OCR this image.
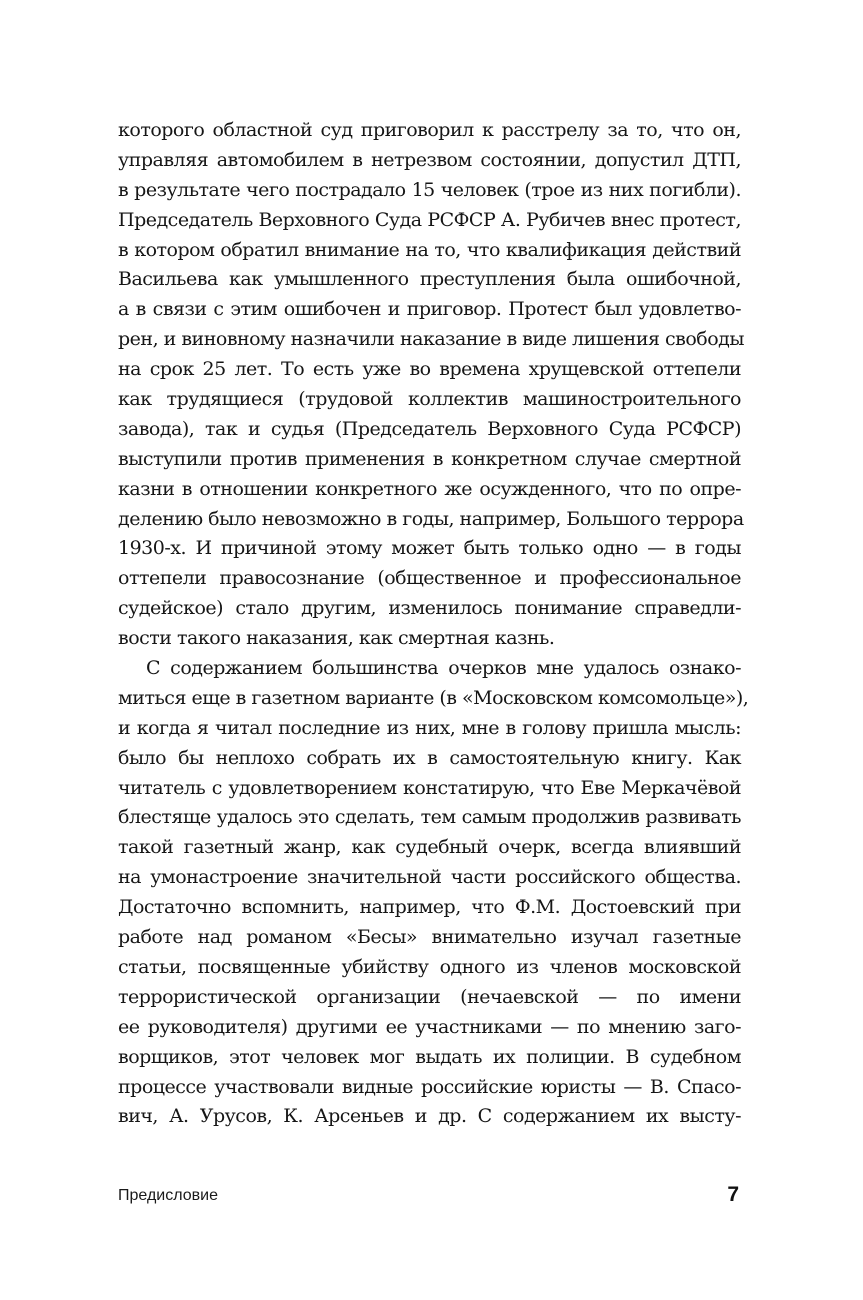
которого областной суд приговорил к расстрелу за то, что он,
управляя автомобилем в нетрезвом состоянии, допустил ДТП,
в результате чего пострадало 15 человек (трое из них погибли).
Председатель Верховного Суда РСФСР А. Рубичев внес протест,
в котором обратил внимание на то, что квалификация действий
Васильева как умышленного преступления была ошибочной,
а в связи с этим ошибочен и приговор. Протест был удовлетво-
рен, и виновному назначили наказание в виде лишения свободы
на срок 25 лет. То есть уже во времена хрущевской оттепели
как трудящиеся (трудовой коллектив машиностроительного
завода), так и судья (Председатель Верховного Суда РСФСР)
выступили против применения в конкретном случае смертной
казни в отношении конкретного же осужденного, что по опре-
делению было невозможно в годы, например, Большого террора
1930-х. И причиной этому может быть только одно — в годы
оттепели правосознание (общественное и профессиональное
судейское) стало другим, изменилось понимание справедли-
вости такого наказания, как смертная казнь.
С содержанием большинства очерков мне удалось ознако-
миться еще в газетном варианте (в «Московском комсомольце»),
и когда я читал последние из них, мне в голову пришла мысль:
было бы неплохо собрать их в самостоятельную книгу. Как
читатель с удовлетворением констатирую, что Еве Меркачёвой
блестяще удалось это сделать, тем самым продолжив развивать
такой газетный жанр, как судебный очерк, всегда влиявший
на умонастроение значительной части российского общества.
Достаточно вспомнить, например, что Ф.М. Достоевский при
работе над романом «Бесы» внимательно изучал газетные
статьи, посвященные убийству одного из членов московской
террористической организации (нечаевской — по имени
ее руководителя) другими ее участниками — по мнению заго-
ворщиков, этот человек мог выдать их полиции. В судебном
процессе участвовали видные российские юристы — В. Спасо-
вич, А. Урусов, К. Арсеньев и др. С содержанием их высту-
Предисловие	7
